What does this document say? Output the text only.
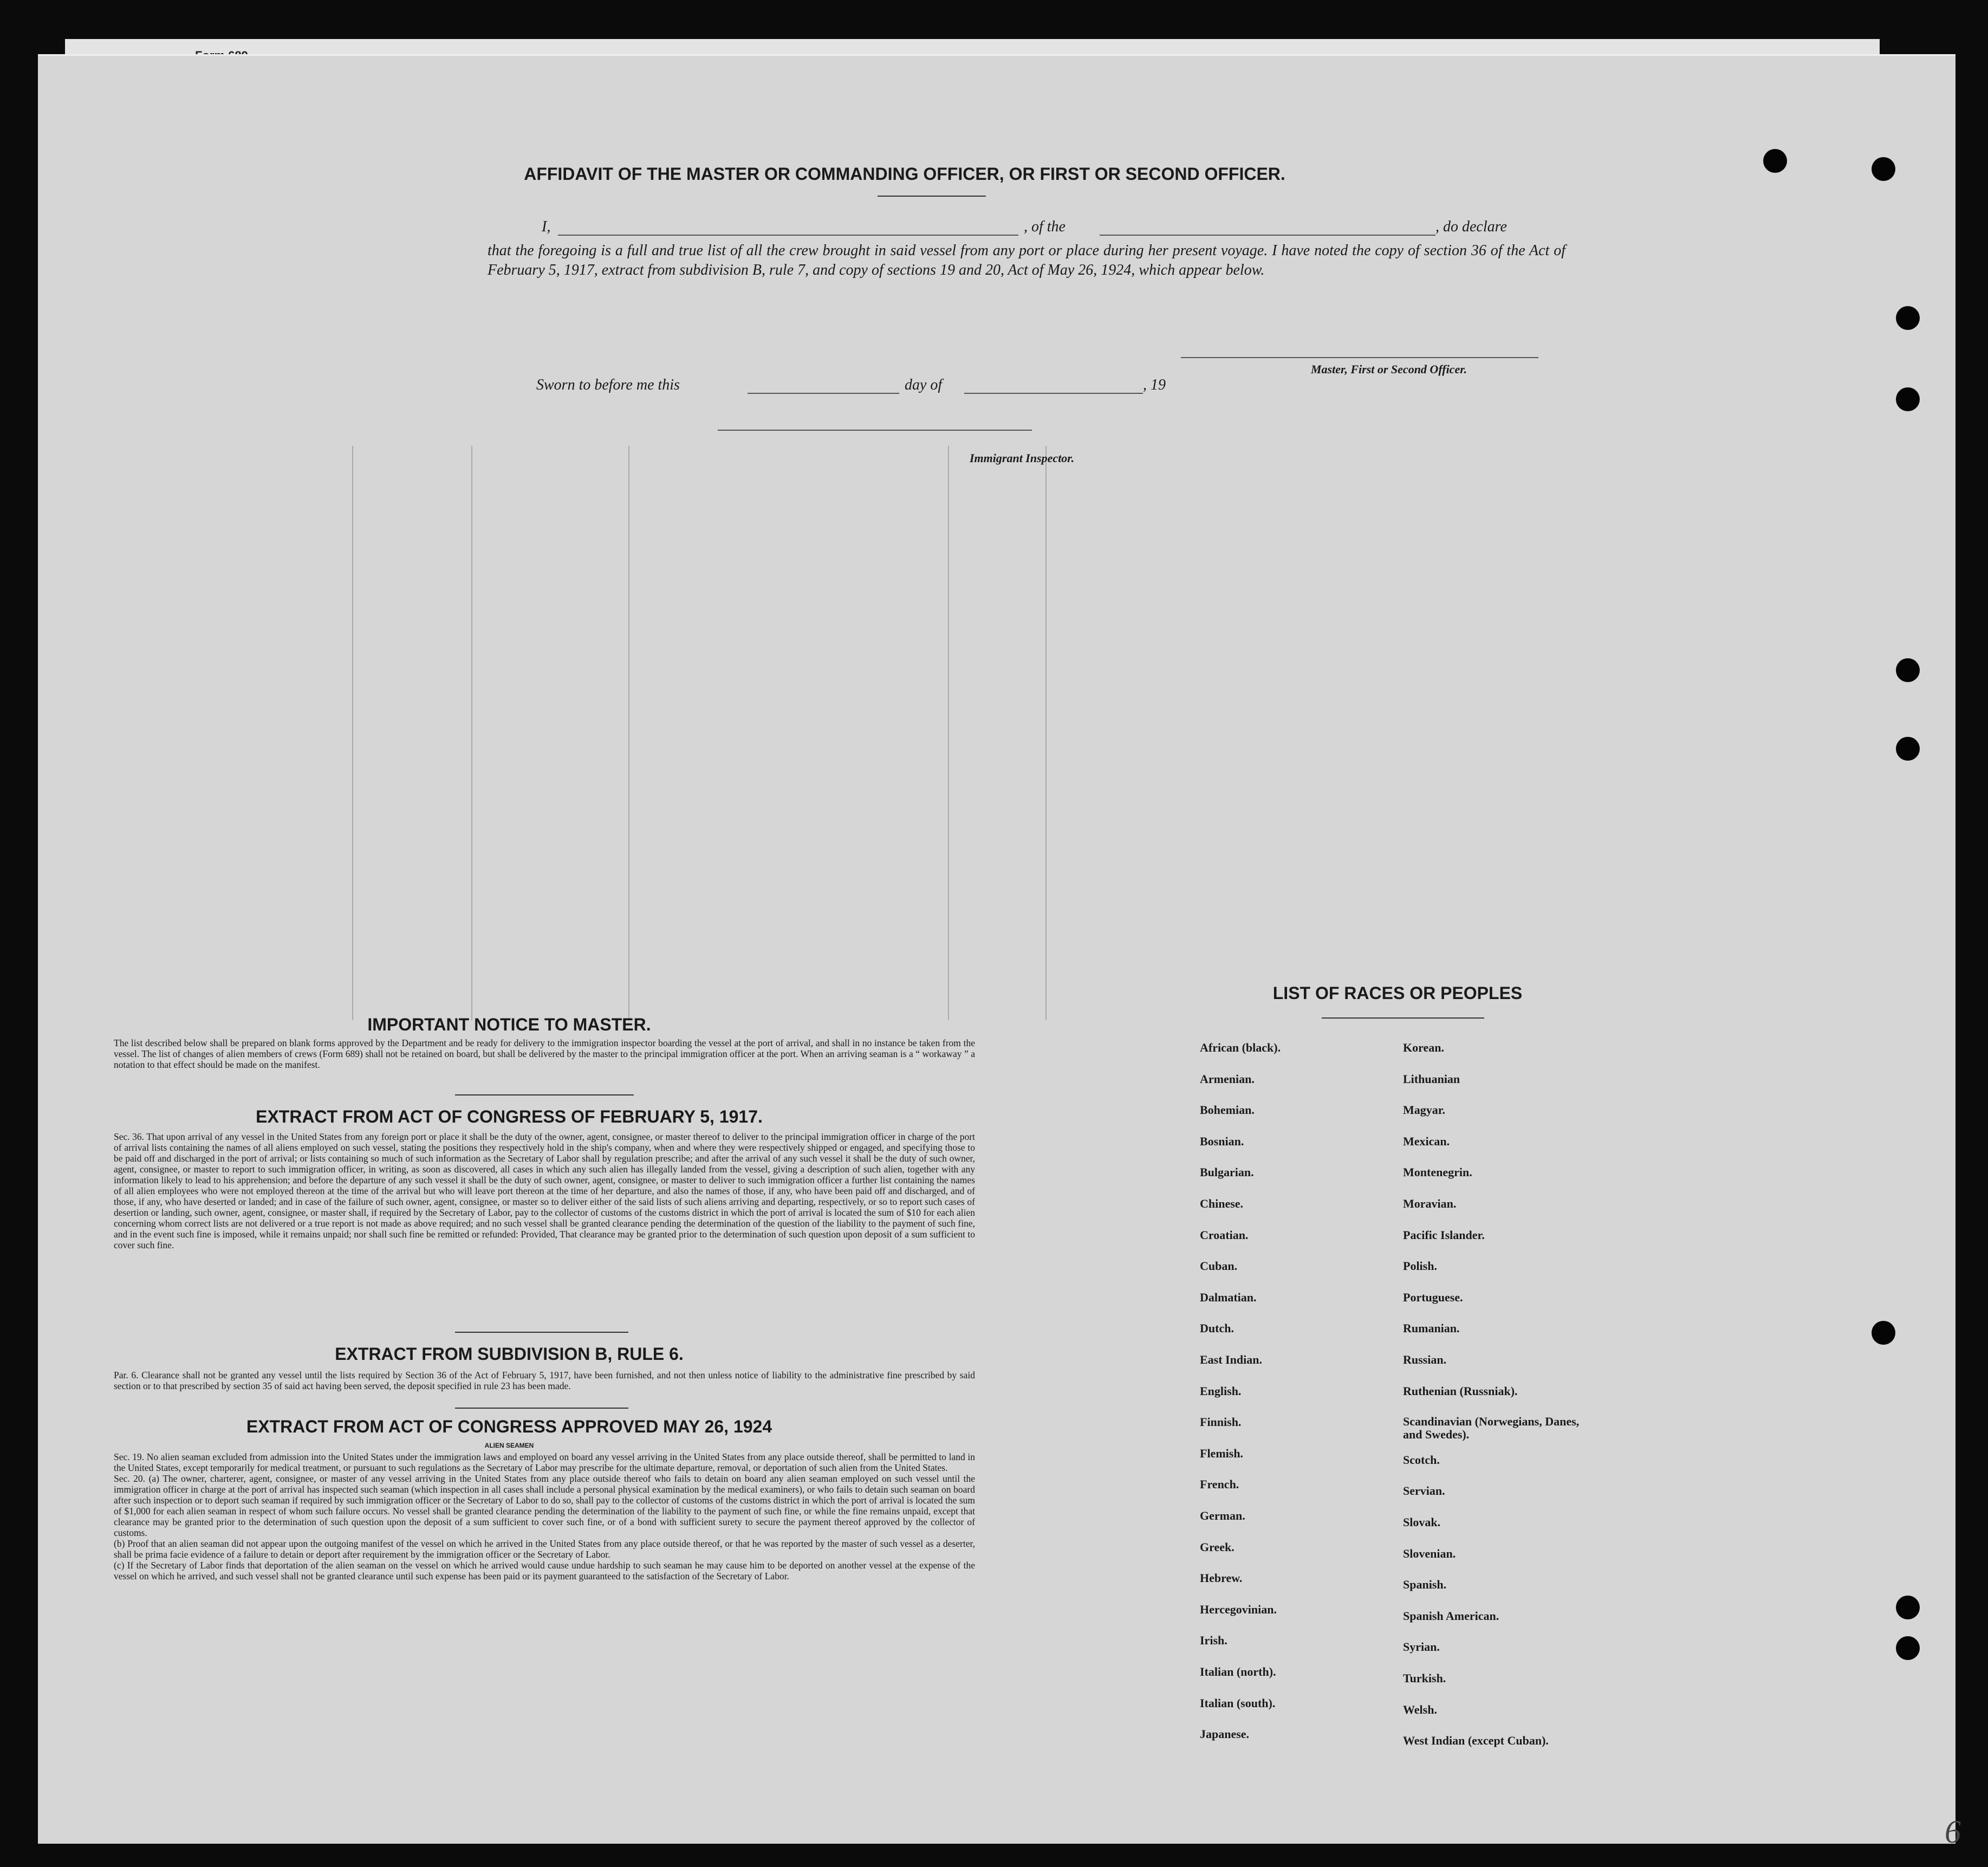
AFFIDAVIT OF THE MASTER OR COMMANDING OFFICER, OR FIRST OR SECOND OFFICER.
I,	, of the	, do declare
that the foregoing is a full and true list of all the crew brought in said vessel from any port or place during her present voyage. I have noted the copy of section 36 of the Act of February 5, 1917, extract from subdivision B, rule 7, and copy of sections 19 and 20, Act of May 26, 1924, which appear below.
Master, First or Second Officer.
Sworn to before me this	day of	, 19
Immigrant Inspector.
IMPORTANT NOTICE TO MASTER.

The list described below shall be prepared on blank forms approved by the Department and be ready for delivery to the immigration inspector boarding the vessel at the port of arrival, and shall in no instance be taken from the vessel. The list of changes of alien members of crews (Form 689) shall not be retained on board, but shall be delivered by the master to the principal immigration officer at the port. When an arriving seaman is a “ workaway ” a notation to that effect should be made on the manifest.

EXTRACT FROM ACT OF CONGRESS OF FEBRUARY 5, 1917.

Sec. 36. That upon arrival of any vessel in the United States from any foreign port or place it shall be the duty of the owner, agent, consignee, or master thereof to deliver to the principal immigration officer in charge of the port of arrival lists containing the names of all aliens employed on such vessel, stating the positions they respectively hold in the ship's company, when and where they were respectively shipped or engaged, and specifying those to be paid off and discharged in the port of arrival; or lists containing so much of such information as the Secretary of Labor shall by regulation prescribe; and after the arrival of any such vessel it shall be the duty of such owner, agent, consignee, or master to report to such immigration officer, in writing, as soon as discovered, all cases in which any such alien has illegally landed from the vessel, giving a description of such alien, together with any information likely to lead to his apprehension; and before the departure of any such vessel it shall be the duty of such owner, agent, consignee, or master to deliver to such immigration officer a further list containing the names of all alien employees who were not employed thereon at the time of the arrival but who will leave port thereon at the time of her departure, and also the names of those, if any, who have been paid off and discharged, and of those, if any, who have deserted or landed; and in case of the failure of such owner, agent, consignee, or master so to deliver either of the said lists of such aliens arriving and departing, respectively, or so to report such cases of desertion or landing, such owner, agent, consignee, or master shall, if required by the Secretary of Labor, pay to the collector of customs of the customs district in which the port of arrival is located the sum of $10 for each alien concerning whom correct lists are not delivered or a true report is not made as above required; and no such vessel shall be granted clearance pending the determination of the question of the liability to the payment of such fine, and in the event such fine is imposed, while it remains unpaid; nor shall such fine be remitted or refunded: Provided, That clearance may be granted prior to the determination of such question upon deposit of a sum sufficient to cover such fine.

EXTRACT FROM SUBDIVISION B, RULE 6.

Par. 6. Clearance shall not be granted any vessel until the lists required by Section 36 of the Act of February 5, 1917, have been furnished, and not then unless notice of liability to the administrative fine prescribed by said section or to that prescribed by section 35 of said act having been served, the deposit specified in rule 23 has been made.

EXTRACT FROM ACT OF CONGRESS APPROVED MAY 26, 1924
ALIEN SEAMEN

Sec. 19. No alien seaman excluded from admission into the United States under the immigration laws and employed on board any vessel arriving in the United States from any place outside thereof, shall be permitted to land in the United States, except temporarily for medical treatment, or pursuant to such regulations as the Secretary of Labor may prescribe for the ultimate departure, removal, or deportation of such alien from the United States.

Sec. 20. (a) The owner, charterer, agent, consignee, or master of any vessel arriving in the United States from any place outside thereof who fails to detain on board any alien seaman employed on such vessel until the immigration officer in charge at the port of arrival has inspected such seaman (which inspection in all cases shall include a personal physical examination by the medical examiners), or who fails to detain such seaman on board after such inspection or to deport such seaman if required by such immigration officer or the Secretary of Labor to do so, shall pay to the collector of customs of the customs district in which the port of arrival is located the sum of $1,000 for each alien seaman in respect of whom such failure occurs. No vessel shall be granted clearance pending the determination of the liability to the payment of such fine, or while the fine remains unpaid, except that clearance may be granted prior to the determination of such question upon the deposit of a sum sufficient to cover such fine, or of a bond with sufficient surety to secure the payment thereof approved by the collector of customs.

(b) Proof that an alien seaman did not appear upon the outgoing manifest of the vessel on which he arrived in the United States from any place outside thereof, or that he was reported by the master of such vessel as a deserter, shall be prima facie evidence of a failure to detain or deport after requirement by the immigration officer or the Secretary of Labor.

(c) If the Secretary of Labor finds that deportation of the alien seaman on the vessel on which he arrived would cause undue hardship to such seaman he may cause him to be deported on another vessel at the expense of the vessel on which he arrived, and such vessel shall not be granted clearance until such expense has been paid or its payment guaranteed to the satisfaction of the Secretary of Labor.

LIST OF RACES OR PEOPLES
African (black).
Armenian.
Bohemian.
Bosnian.
Bulgarian.
Chinese.
Croatian.
Cuban.
Dalmatian.
Dutch.
East Indian.
English.
Finnish.
Flemish.
French.
German.
Greek.
Hebrew.
Hercegovinian.
Irish.
Italian (north).
Italian (south).
Japanese.
Korean.
Lithuanian
Magyar.
Mexican.
Montenegrin.
Moravian.
Pacific Islander.
Polish.
Portuguese.
Rumanian.
Russian.
Ruthenian (Russniak).
Scandinavian (Norwegians, Danes, and Swedes).
Scotch.
Servian.
Slovak.
Slovenian.
Spanish.
Spanish American.
Syrian.
Turkish.
Welsh.
West Indian (except Cuban).
6
